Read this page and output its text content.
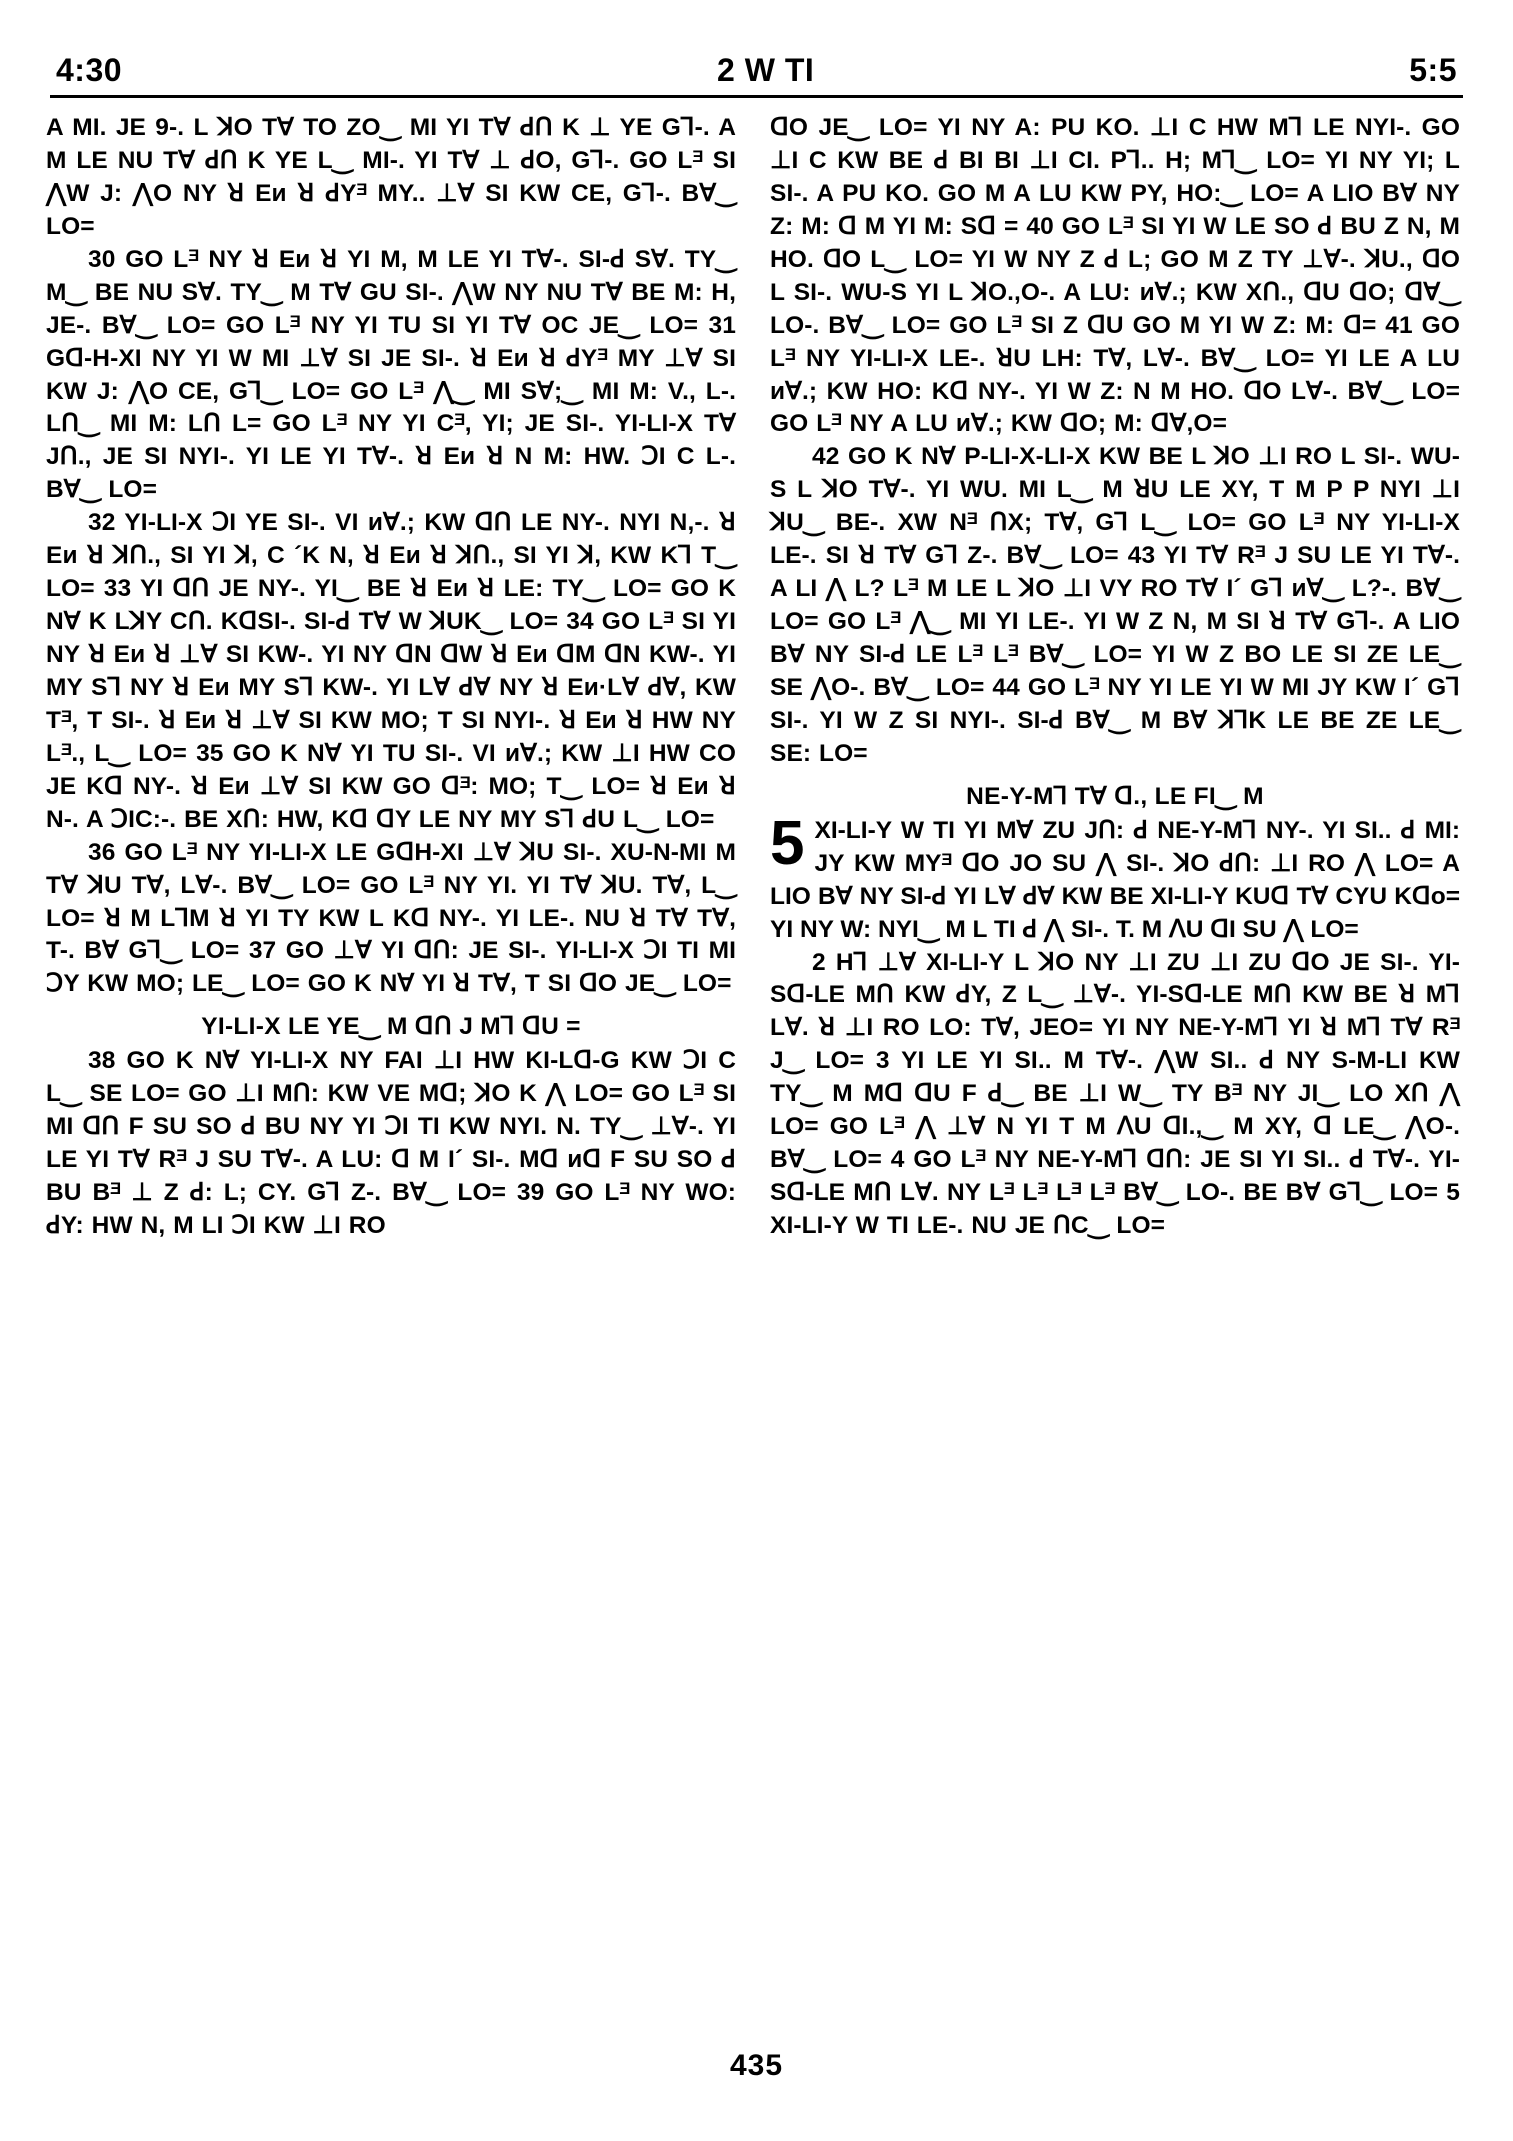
4:30	2 W TI	5:5

A MI. JE 9-. L ꓘO TⱯ TO ZO‿ MI YI TⱯ ꓒՈ K ⊥ YE G⅂-. A M LE NU TⱯ ꓒՈ K YE L‿ MI-. YI TⱯ ⊥ ꓒO, G⅂-. GO Lᴲ SI ⋀W J: ⋀O NY ꓤ Eᴎ ꓤ ꓒYᴲ MY.. ⊥Ɐ SI KW CE, G⅂-. BⱯ‿ LO=

30 GO Lᴲ NY ꓤ Eᴎ ꓤ YI M, M LE YI TⱯ-. SI-ꓒ SⱯ. TY‿ M‿ BE NU SⱯ. TY‿ M TⱯ GU SI-. ⋀W NY NU TⱯ BE M: H, JE-. BⱯ‿ LO= GO Lᴲ NY YI TU SI YI TⱯ OC JE‿ LO= 31 Gꓷ-H-XI NY YI W MI ⊥Ɐ SI JE SI-. ꓤ Eᴎ ꓤ ꓒYᴲ MY ⊥Ɐ SI KW J: ⋀O CE, G⅂‿ LO= GO Lᴲ ⋀‿ MI SⱯ;‿ MI M: V., L-. LՈ‿ MI M: LՈ L= GO Lᴲ NY YI Cᴲ, YI; JE SI-. YI-LI-X TⱯ JՈ., JE SI NYI-. YI LE YI TⱯ-. ꓤ Eᴎ ꓤ N M: HW. ꓛI C L-. BⱯ‿ LO=

32 YI-LI-X ꓛI YE SI-. VI ᴎⱯ.; KW ꓷՈ LE NY-. NYI N,-. ꓤ Eᴎ ꓤ ꓘՈ., SI YI ꓘ, C ´K N, ꓤ Eᴎ ꓤ ꓘՈ., SI YI ꓘ, KW K⅂ T‿ LO= 33 YI ꓷՈ JE NY-. YI‿ BE ꓤ Eᴎ ꓤ LE: TY‿ LO= GO K NⱯ K LꓘY CՈ. KꓷSI-. SI-ꓒ TⱯ W ꓘUK‿ LO= 34 GO Lᴲ SI YI NY ꓤ Eᴎ ꓤ ⊥Ɐ SI KW-. YI NY ꓷN ꓷW ꓤ Eᴎ ꓷM ꓷN KW-. YI MY S⅂ NY ꓤ Eᴎ MY S⅂ KW-. YI LⱯ ꓒⱯ NY ꓤ Eᴎ·LⱯ ꓒⱯ, KW Tᴲ, T SI-. ꓤ Eᴎ ꓤ ⊥Ɐ SI KW MO; T SI NYI-. ꓤ Eᴎ ꓤ HW NY Lᴲ., L‿ LO= 35 GO K NⱯ YI TU SI-. VI ᴎⱯ.; KW ⊥I HW CO JE Kꓷ NY-. ꓤ Eᴎ ⊥Ɐ SI KW GO ꓷᴲ: MO; T‿ LO= ꓤ Eᴎ ꓤ N-. A ꓛIC:-. BE XՈ: HW, Kꓷ ꓷY LE NY MY S⅂ ꓒU L‿ LO=

36 GO Lᴲ NY YI-LI-X LE GꓷH-XI ⊥Ɐ ꓘU SI-. XU-N-MI M TⱯ ꓘU TⱯ, LⱯ-. BⱯ‿ LO= GO Lᴲ NY YI. YI TⱯ ꓘU. TⱯ, L‿ LO= ꓤ M L⅂M ꓤ YI TY KW L Kꓷ NY-. YI LE-. NU ꓤ TⱯ TⱯ, T-. BⱯ G⅂‿ LO= 37 GO ⊥Ɐ YI ꓷՈ: JE SI-. YI-LI-X ꓛI TI MI ꓛY KW MO; LE‿ LO= GO K NⱯ YI ꓤ TⱯ, T SI ꓷO JE‿ LO=

YI-LI-X LE YE‿ M ꓷՈ J M⅂ ꓷU =

38 GO K NⱯ YI-LI-X NY FAI ⊥I HW KI-Lꓷ-G KW ꓛI C L‿ SE LO= GO ⊥I MՈ: KW VE Mꓷ; ꓘO K ⋀ LO= GO Lᴲ SI MI ꓷՈ F SU SO ꓒ BU NY YI ꓛI TI KW NYI. N. TY‿ ⊥Ɐ-. YI LE YI TⱯ Rᴲ J SU TⱯ-. A LU: ꓷ M I´ SI-. Mꓷ ᴎꓷ F SU SO ꓒ BU Bᴲ ⊥ Z ꓒ: L; CY. G⅂ Z-. BⱯ‿ LO= 39 GO Lᴲ NY WO: ꓒY: HW N, M LI ꓛI KW ⊥I RO

ꓷO JE‿ LO= YI NY A: PU KO. ⊥I C HW M⅂ LE NYI-. GO ⊥I C KW BE ꓒ BI BI ⊥I CI. P⅂.. H; M⅂‿ LO= YI NY YI; L SI-. A PU KO. GO M A LU KW PY, HO:‿ LO= A LIO BⱯ NY Z: M: ꓷ M YI M: Sꓷ = 40 GO Lᴲ SI YI W LE SO ꓒ BU Z N, M HO. ꓷO L‿ LO= YI W NY Z ꓒ L; GO M Z TY ⊥Ɐ-. ꓘU., ꓷO L SI-. WU-S YI L ꓘO.,O-. A LU: ᴎⱯ.; KW XՈ., ꓷU ꓷO; ꓷⱯ‿ LO-. BⱯ‿ LO= GO Lᴲ SI Z ꓷU GO M YI W Z: M: ꓷ= 41 GO Lᴲ NY YI-LI-X LE-. ꓤU LH: TⱯ, LⱯ-. BⱯ‿ LO= YI LE A LU ᴎⱯ.; KW HO: Kꓷ NY-. YI W Z: N M HO. ꓷO LⱯ-. BⱯ‿ LO= GO Lᴲ NY A LU ᴎⱯ.; KW ꓷO; M: ꓷⱯ,O=

42 GO K NⱯ P-LI-X-LI-X KW BE L ꓘO ⊥I RO L SI-. WU-S L ꓘO TⱯ-. YI WU. MI L‿ M ꓤU LE XY, T M P P NYI ⊥I ꓘU‿ BE-. XW Nᴲ ՈX; TⱯ, G⅂ L‿ LO= GO Lᴲ NY YI-LI-X LE-. SI ꓤ TⱯ G⅂ Z-. BⱯ‿ LO= 43 YI TⱯ Rᴲ J SU LE YI TⱯ-. A LI ⋀ L? Lᴲ M LE L ꓘO ⊥I VY RO TⱯ I´ G⅂ ᴎⱯ‿ L?-. BⱯ‿ LO= GO Lᴲ ⋀‿ MI YI LE-. YI W Z N, M SI ꓤ TⱯ G⅂-. A LIO BⱯ NY SI-ꓒ LE Lᴲ Lᴲ BⱯ‿ LO= YI W Z BO LE SI ZE LE‿ SE ⋀O-. BⱯ‿ LO= 44 GO Lᴲ NY YI LE YI W MI JY KW I´ G⅂ SI-. YI W Z SI NYI-. SI-ꓒ BⱯ‿ M BⱯ ꓘ⅂K LE BE ZE LE‿ SE: LO=

NE-Y-M⅂ TⱯ ꓷ., LE FI‿ M
5 XI-LI-Y W TI YI MⱯ ZU JՈ: ꓒ NE-Y-M⅂ NY-. YI SI.. ꓒ MI: JY KW MYᴲ ꓷO JO SU ⋀ SI-. ꓘO ꓒՈ: ⊥I RO ⋀ LO= A LIO BⱯ NY SI-ꓒ YI LⱯ ꓒⱯ KW BE XI-LI-Y KUꓷ TⱯ CYU Kꓷo= YI NY W: NYI‿ M L TI ꓒ ⋀ SI-. T. M ꓥU ꓷI SU ⋀ LO=

2 H⅂ ⊥Ɐ XI-LI-Y L ꓘO NY ⊥I ZU ⊥I ZU ꓷO JE SI-. YI-Sꓷ-LE MՈ KW ꓒY, Z L‿ ⊥Ɐ-. YI-Sꓷ-LE MՈ KW BE ꓤ M⅂ LⱯ. ꓤ ⊥I RO LO: TⱯ, JEO= YI NY NE-Y-M⅂ YI ꓤ M⅂ TⱯ Rᴲ J‿ LO= 3 YI LE YI SI.. M TⱯ-. ⋀W SI.. ꓒ NY S-M-LI KW TY‿ M Mꓷ ꓷU F ꓒ‿ BE ⊥I W‿ TY Bᴲ NY JI‿ LO XՈ ⋀ LO= GO Lᴲ ⋀ ⊥Ɐ N YI T M ꓥU ꓷI.,‿ M XY, ꓷ LE‿ ⋀O-. BⱯ‿ LO= 4 GO Lᴲ NY NE-Y-M⅂ ꓷՈ: JE SI YI SI.. ꓒ TⱯ-. YI-Sꓷ-LE MՈ LⱯ. NY Lᴲ Lᴲ Lᴲ Lᴲ BⱯ‿ LO-. BE BⱯ G⅂‿ LO= 5 XI-LI-Y W TI LE-. NU JE ՈC‿ LO=

435
